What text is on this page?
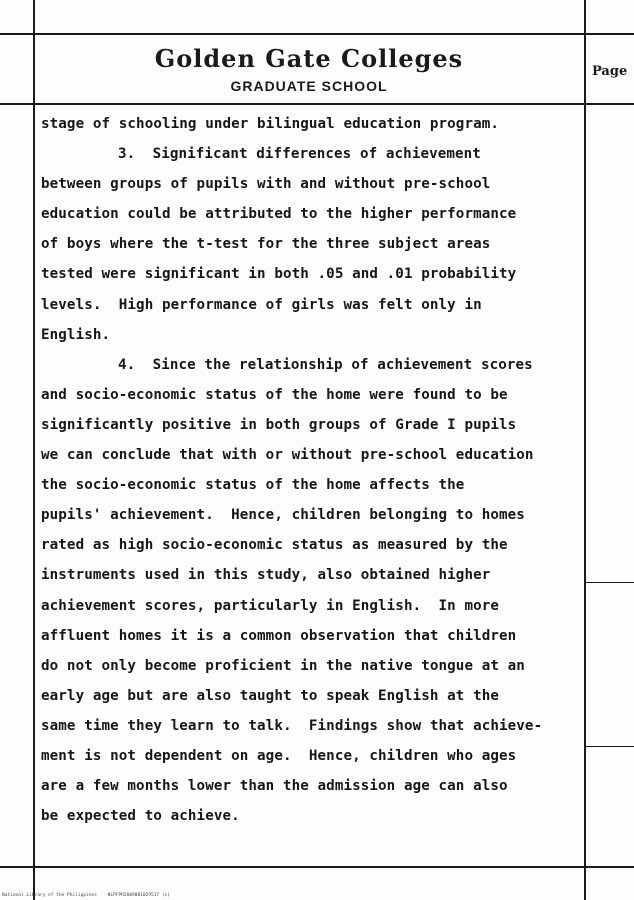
Golden Gate Colleges
GRADUATE SCHOOL
Page
stage of schooling under bilingual education program.
3.  Significant differences of achievement
between groups of pupils with and without pre-school
education could be attributed to the higher performance
of boys where the t-test for the three subject areas
tested were significant in both .05 and .01 probability
levels.  High performance of girls was felt only in
English.
4.  Since the relationship of achievement scores
and socio-economic status of the home were found to be
significantly positive in both groups of Grade I pupils
we can conclude that with or without pre-school education
the socio-economic status of the home affects the
pupils' achievement.  Hence, children belonging to homes
rated as high socio-economic status as measured by the
instruments used in this study, also obtained higher
achievement scores, particularly in English.  In more
affluent homes it is a common observation that children
do not only become proficient in the native tongue at an
early age but are also taught to speak English at the
same time they learn to talk.  Findings show that achieve-
ment is not dependent on age.  Hence, children who ages
are a few months lower than the admission age can also
be expected to achieve.
National Library of the Philippines    NLPFPR2009001029517 (c)
